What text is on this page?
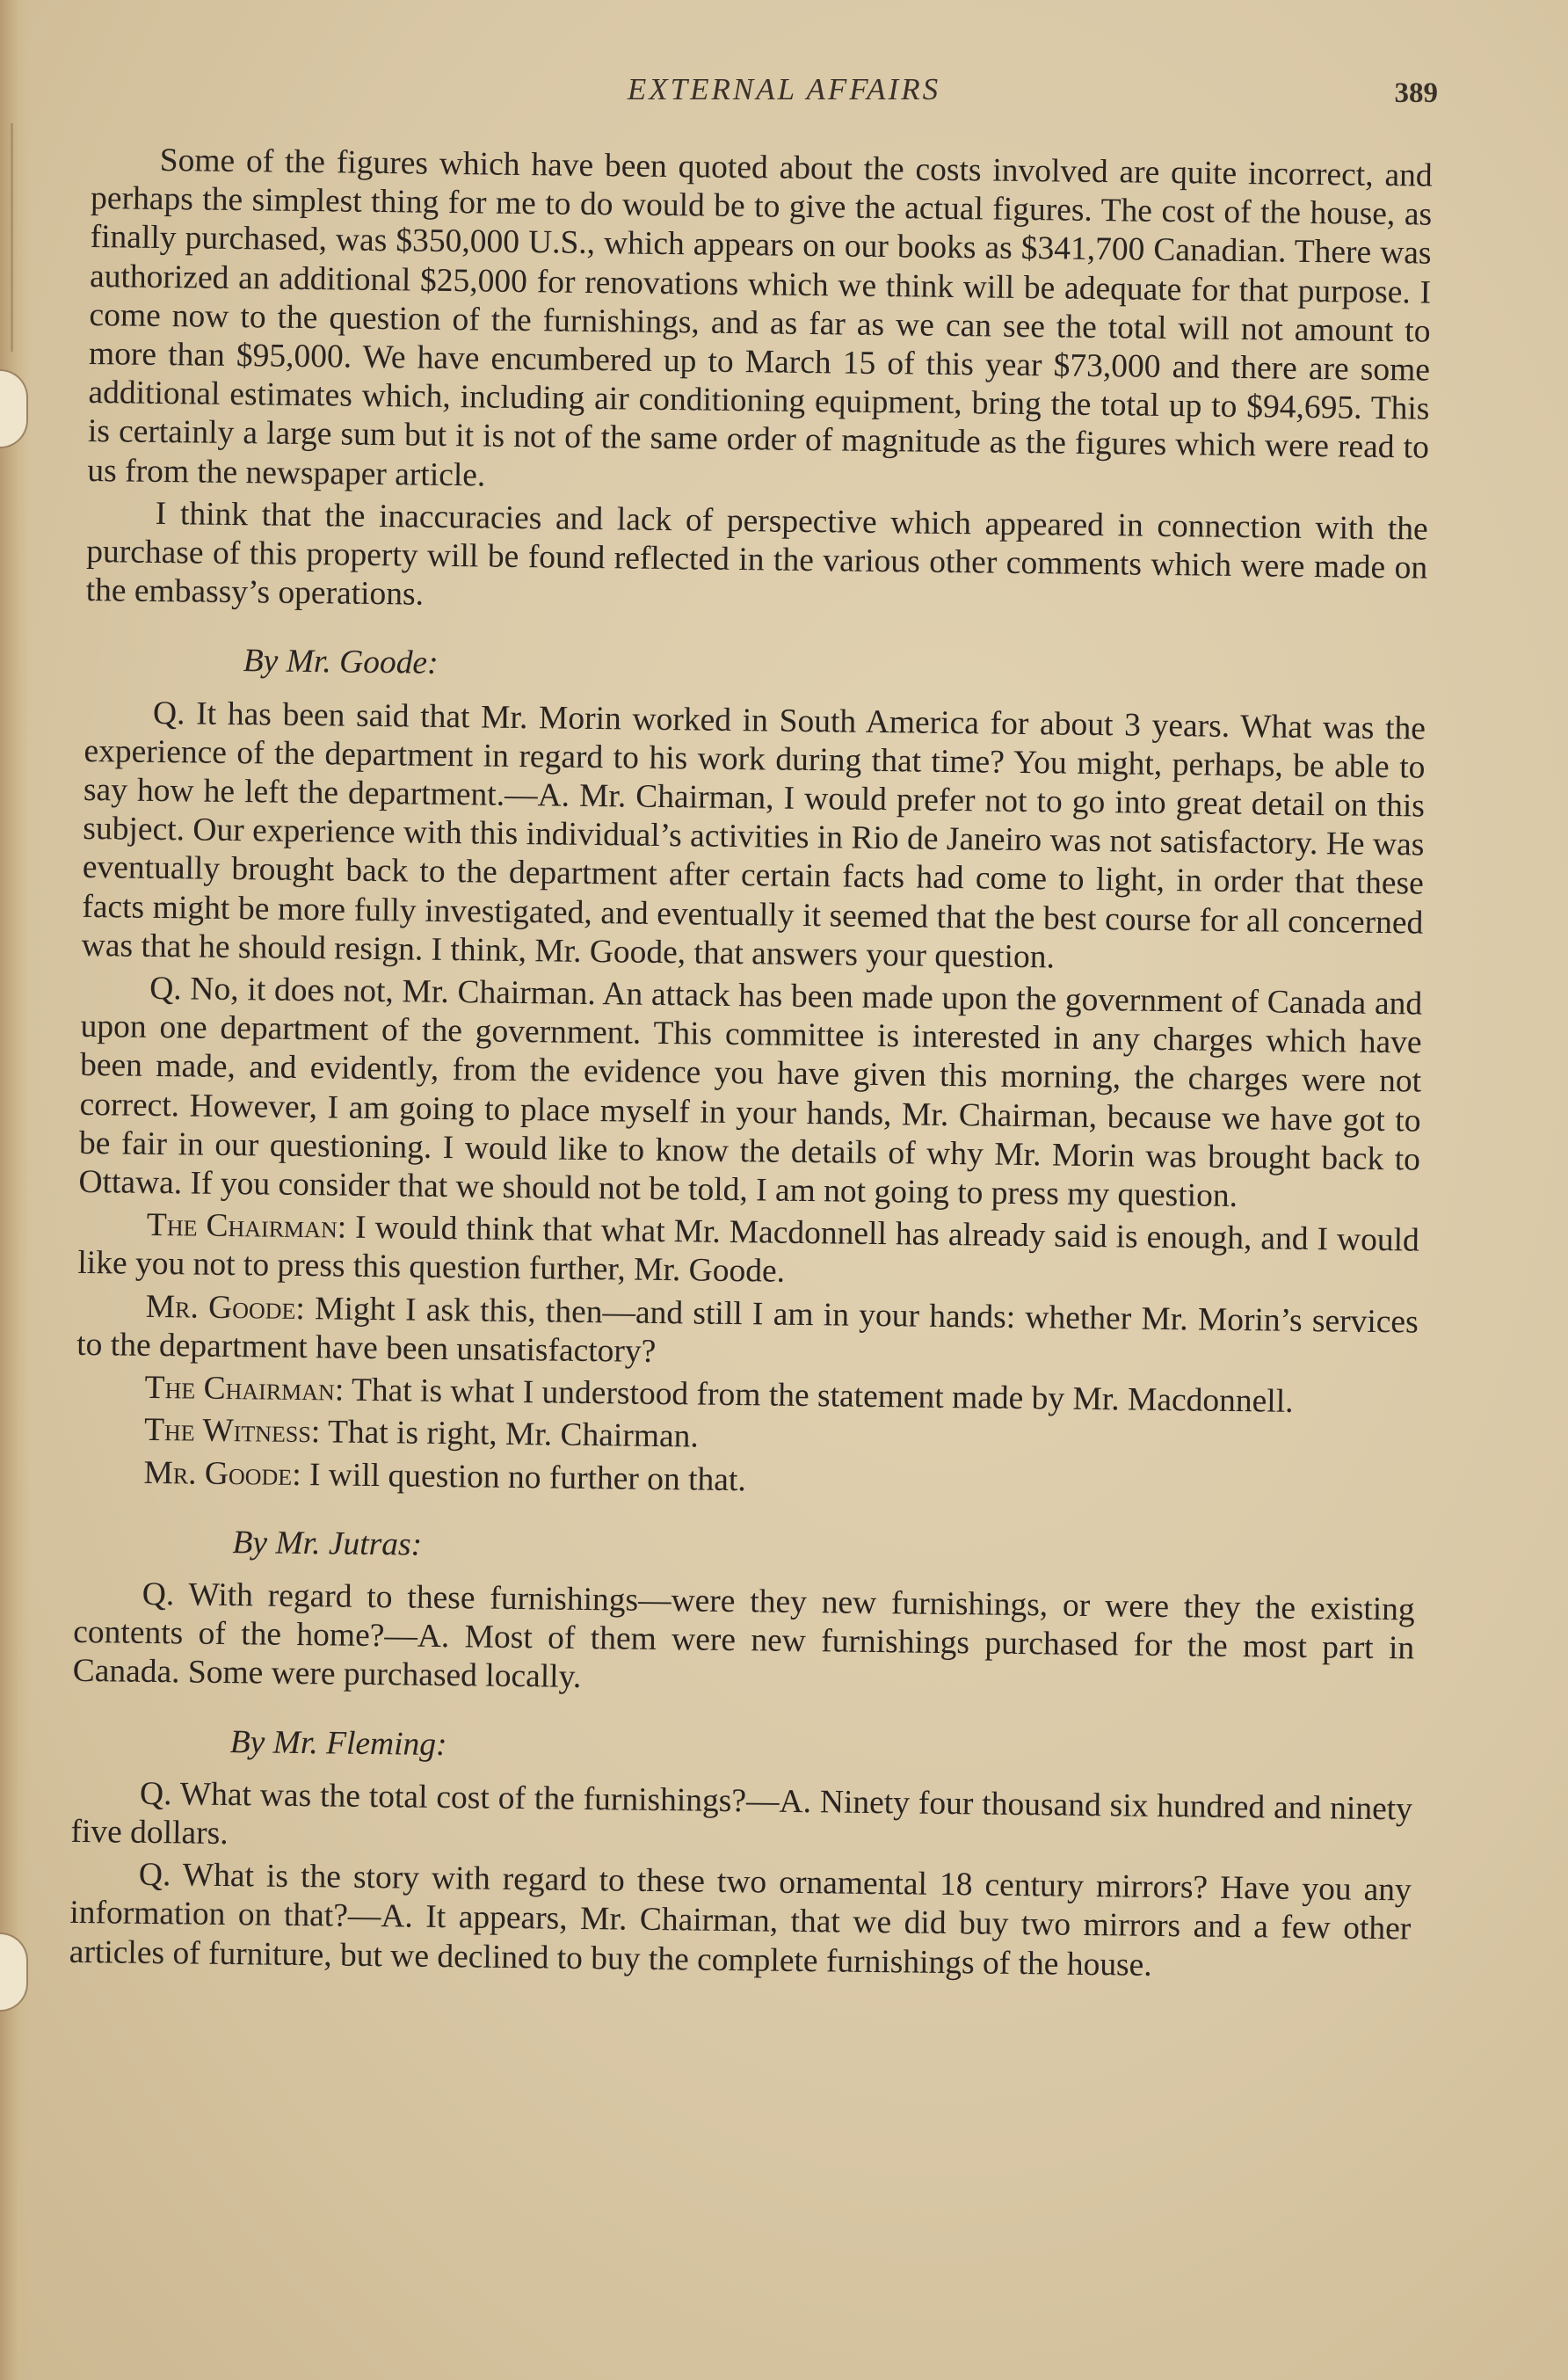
EXTERNAL AFFAIRS	389

Some of the figures which have been quoted about the costs involved are quite incorrect, and perhaps the simplest thing for me to do would be to give the actual figures. The cost of the house, as finally purchased, was $350,000 U.S., which appears on our books as $341,700 Canadian. There was authorized an additional $25,000 for renovations which we think will be adequate for that purpose. I come now to the question of the furnishings, and as far as we can see the total will not amount to more than $95,000. We have encumbered up to March 15 of this year $73,000 and there are some additional estimates which, including air conditioning equipment, bring the total up to $94,695. This is certainly a large sum but it is not of the same order of magnitude as the figures which were read to us from the newspaper article.

I think that the inaccuracies and lack of perspective which appeared in connection with the purchase of this property will be found reflected in the various other comments which were made on the embassy’s operations.

By Mr. Goode:

Q. It has been said that Mr. Morin worked in South America for about 3 years. What was the experience of the department in regard to his work during that time? You might, perhaps, be able to say how he left the department.—A. Mr. Chairman, I would prefer not to go into great detail on this subject. Our experience with this individual’s activities in Rio de Janeiro was not satisfactory. He was eventually brought back to the department after certain facts had come to light, in order that these facts might be more fully investigated, and eventually it seemed that the best course for all concerned was that he should resign. I think, Mr. Goode, that answers your question.

Q. No, it does not, Mr. Chairman. An attack has been made upon the government of Canada and upon one department of the government. This committee is interested in any charges which have been made, and evidently, from the evidence you have given this morning, the charges were not correct. However, I am going to place myself in your hands, Mr. Chairman, because we have got to be fair in our questioning. I would like to know the details of why Mr. Morin was brought back to Ottawa. If you consider that we should not be told, I am not going to press my question.

The Chairman: I would think that what Mr. Macdonnell has already said is enough, and I would like you not to press this question further, Mr. Goode.

Mr. Goode: Might I ask this, then—and still I am in your hands: whether Mr. Morin’s services to the department have been unsatisfactory?

The Chairman: That is what I understood from the statement made by Mr. Macdonnell.

The Witness: That is right, Mr. Chairman.

Mr. Goode: I will question no further on that.

By Mr. Jutras:

Q. With regard to these furnishings—were they new furnishings, or were they the existing contents of the home?—A. Most of them were new furnishings purchased for the most part in Canada. Some were purchased locally.

By Mr. Fleming:

Q. What was the total cost of the furnishings?—A. Ninety four thousand six hundred and ninety five dollars.

Q. What is the story with regard to these two ornamental 18 century mirrors? Have you any information on that?—A. It appears, Mr. Chairman, that we did buy two mirrors and a few other articles of furniture, but we declined to buy the complete furnishings of the house.
